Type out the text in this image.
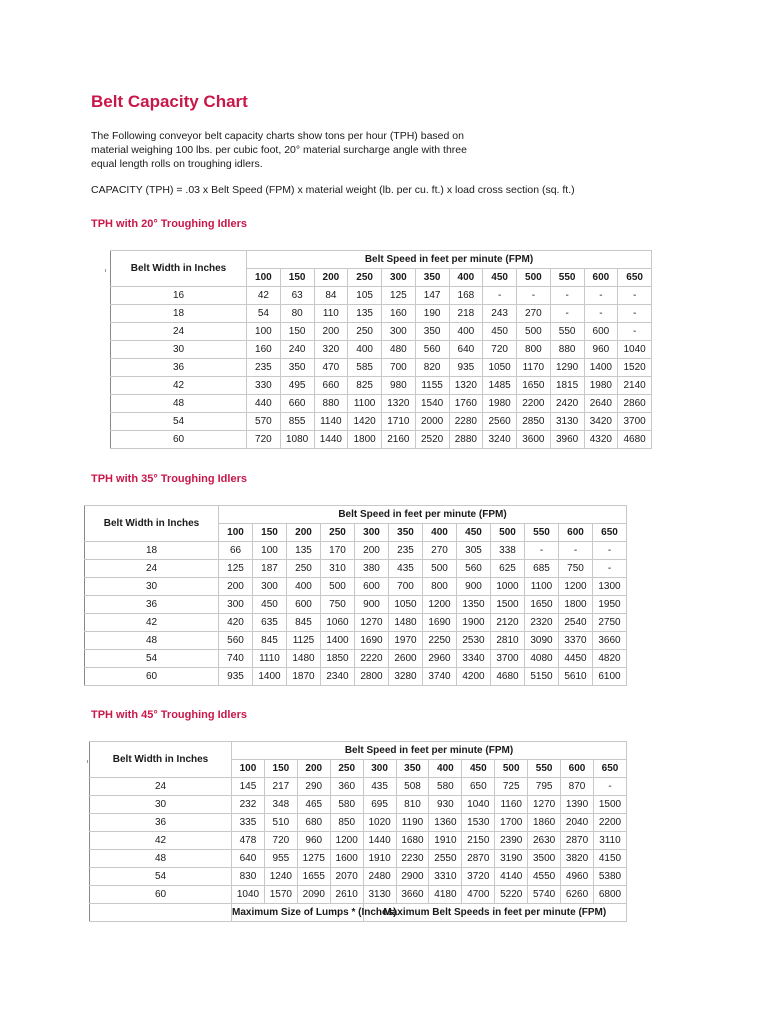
Belt Capacity Chart

The Following conveyor belt capacity charts show tons per hour (TPH) based on material weighing 100 lbs. per cubic foot, 20° material surcharge angle with three equal length rolls on troughing idlers.

CAPACITY (TPH) = .03 x Belt Speed (FPM) x material weight (lb. per cu. ft.) x load cross section (sq. ft.)

TPH with 20° Troughing Idlers

Belt Width in Inches	Belt Speed in feet per minute (FPM)											
	100	150	200	250	300	350	400	450	500	550	600	650
16	42	63	84	105	125	147	168	-	-	-	-	-
18	54	80	110	135	160	190	218	243	270	-	-	-
24	100	150	200	250	300	350	400	450	500	550	600	-
30	160	240	320	400	480	560	640	720	800	880	960	1040
36	235	350	470	585	700	820	935	1050	1170	1290	1400	1520
42	330	495	660	825	980	1155	1320	1485	1650	1815	1980	2140
48	440	660	880	1100	1320	1540	1760	1980	2200	2420	2640	2860
54	570	855	1140	1420	1710	2000	2280	2560	2850	3130	3420	3700
60	720	1080	1440	1800	2160	2520	2880	3240	3600	3960	4320	4680

TPH with 35° Troughing Idlers

Belt Width in Inches	Belt Speed in feet per minute (FPM)											
	100	150	200	250	300	350	400	450	500	550	600	650
18	66	100	135	170	200	235	270	305	338	-	-	-
24	125	187	250	310	380	435	500	560	625	685	750	-
30	200	300	400	500	600	700	800	900	1000	1100	1200	1300
36	300	450	600	750	900	1050	1200	1350	1500	1650	1800	1950
42	420	635	845	1060	1270	1480	1690	1900	2120	2320	2540	2750
48	560	845	1125	1400	1690	1970	2250	2530	2810	3090	3370	3660
54	740	1110	1480	1850	2220	2600	2960	3340	3700	4080	4450	4820
60	935	1400	1870	2340	2800	3280	3740	4200	4680	5150	5610	6100

TPH with 45° Troughing Idlers

Belt Width in Inches	Belt Speed in feet per minute (FPM)											
	100	150	200	250	300	350	400	450	500	550	600	650
24	145	217	290	360	435	508	580	650	725	795	870	-
30	232	348	465	580	695	810	930	1040	1160	1270	1390	1500
36	335	510	680	850	1020	1190	1360	1530	1700	1860	2040	2200
42	478	720	960	1200	1440	1680	1910	2150	2390	2630	2870	3110
48	640	955	1275	1600	1910	2230	2550	2870	3190	3500	3820	4150
54	830	1240	1655	2070	2480	2900	3310	3720	4140	4550	4960	5380
60	1040	1570	2090	2610	3130	3660	4180	4700	5220	5740	6260	6800
	Maximum Size of Lumps * (Inches)				Maximum Belt Speeds in feet per minute (FPM)							
